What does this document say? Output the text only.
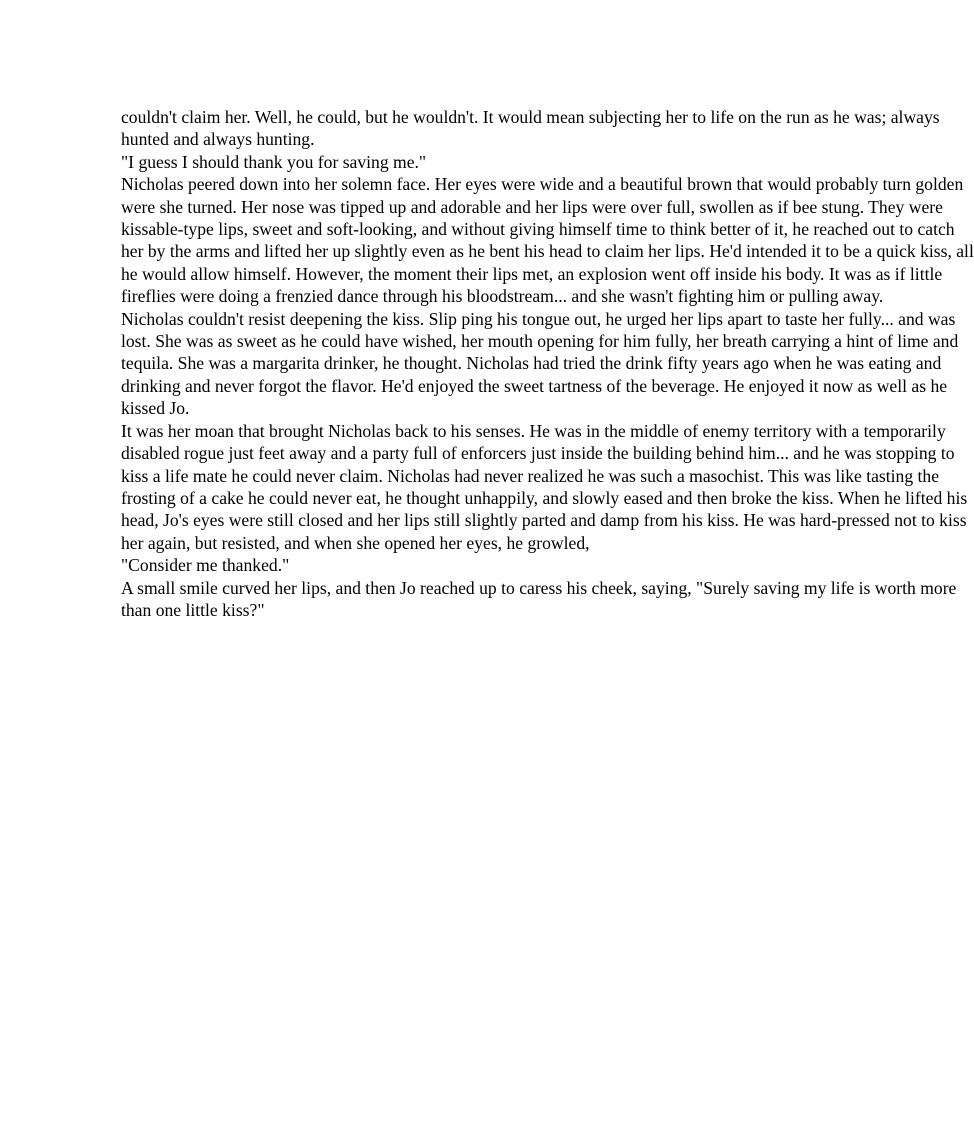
couldn't claim her. Well, he could, but he wouldn't. It would mean subjecting her to life on the run as he was; always
hunted and always hunting.
"I guess I should thank you for saving me."
Nicholas peered down into her solemn face. Her eyes were wide and a beautiful brown that would probably turn golden
were she turned. Her nose was tipped up and adorable and her lips were over full, swollen as if bee stung. They were
kissable-type lips, sweet and soft-looking, and without giving himself time to think better of it, he reached out to catch
her by the arms and lifted her up slightly even as he bent his head to claim her lips. He'd intended it to be a quick kiss, all
he would allow himself. However, the moment their lips met, an explosion went off inside his body. It was as if little
fireflies were doing a frenzied dance through his bloodstream... and she wasn't fighting him or pulling away.
Nicholas couldn't resist deepening the kiss. Slip ping his tongue out, he urged her lips apart to taste her fully... and was
lost. She was as sweet as he could have wished, her mouth opening for him fully, her breath carrying a hint of lime and
tequila. She was a margarita drinker, he thought. Nicholas had tried the drink fifty years ago when he was eating and
drinking and never forgot the flavor. He'd enjoyed the sweet tartness of the beverage. He enjoyed it now as well as he
kissed Jo.
It was her moan that brought Nicholas back to his senses. He was in the middle of enemy territory with a temporarily
disabled rogue just feet away and a party full of enforcers just inside the building behind him... and he was stopping to
kiss a life mate he could never claim. Nicholas had never realized he was such a masochist. This was like tasting the
frosting of a cake he could never eat, he thought unhappily, and slowly eased and then broke the kiss. When he lifted his
head, Jo's eyes were still closed and her lips still slightly parted and damp from his kiss. He was hard-pressed not to kiss
her again, but resisted, and when she opened her eyes, he growled,
"Consider me thanked."
A small smile curved her lips, and then Jo reached up to caress his cheek, saying, "Surely saving my life is worth more
than one little kiss?"
